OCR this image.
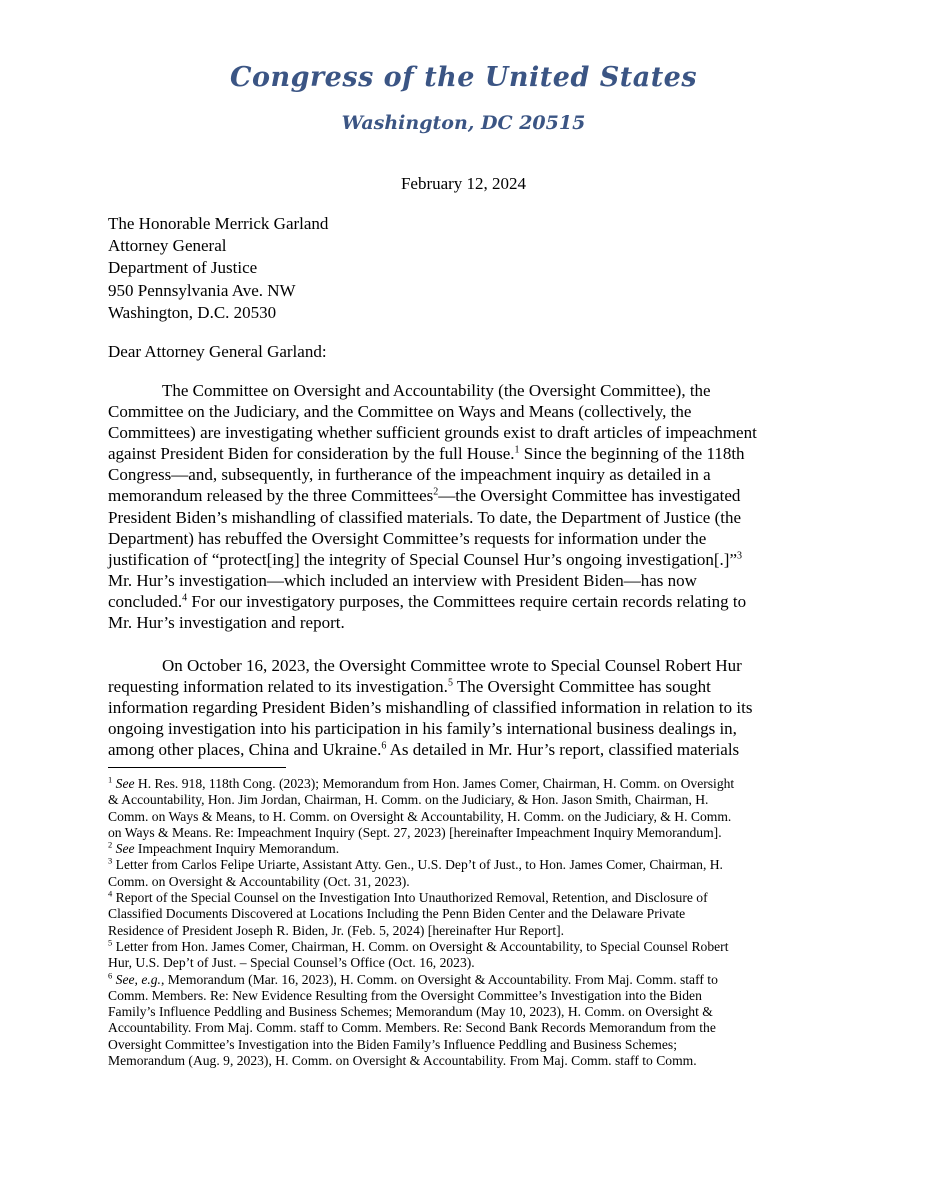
Congress of the United States
Washington, DC 20515
February 12, 2024
The Honorable Merrick Garland
Attorney General
Department of Justice
950 Pennsylvania Ave. NW
Washington, D.C. 20530
Dear Attorney General Garland:
The Committee on Oversight and Accountability (the Oversight Committee), the
Committee on the Judiciary, and the Committee on Ways and Means (collectively, the
Committees) are investigating whether sufficient grounds exist to draft articles of impeachment
against President Biden for consideration by the full House.$^1$ Since the beginning of the 118th
Congress—and, subsequently, in furtherance of the impeachment inquiry as detailed in a
memorandum released by the three Committees$^2$—the Oversight Committee has investigated
President Biden’s mishandling of classified materials. To date, the Department of Justice (the
Department) has rebuffed the Oversight Committee’s requests for information under the
justification of “protect[ing] the integrity of Special Counsel Hur’s ongoing investigation[.]”$^3$
Mr. Hur’s investigation—which included an interview with President Biden—has now
concluded.$^4$ For our investigatory purposes, the Committees require certain records relating to
Mr. Hur’s investigation and report.
On October 16, 2023, the Oversight Committee wrote to Special Counsel Robert Hur
requesting information related to its investigation.$^5$ The Oversight Committee has sought
information regarding President Biden’s mishandling of classified information in relation to its
ongoing investigation into his participation in his family’s international business dealings in,
among other places, China and Ukraine.$^6$ As detailed in Mr. Hur’s report, classified materials
$^1$ See H. Res. 918, 118th Cong. (2023); Memorandum from Hon. James Comer, Chairman, H. Comm. on Oversight
& Accountability, Hon. Jim Jordan, Chairman, H. Comm. on the Judiciary, & Hon. Jason Smith, Chairman, H.
Comm. on Ways & Means, to H. Comm. on Oversight & Accountability, H. Comm. on the Judiciary, & H. Comm.
on Ways & Means. Re: Impeachment Inquiry (Sept. 27, 2023) [hereinafter Impeachment Inquiry Memorandum].
$^2$ See Impeachment Inquiry Memorandum.
$^3$ Letter from Carlos Felipe Uriarte, Assistant Atty. Gen., U.S. Dep’t of Just., to Hon. James Comer, Chairman, H.
Comm. on Oversight & Accountability (Oct. 31, 2023).
$^4$ Report of the Special Counsel on the Investigation Into Unauthorized Removal, Retention, and Disclosure of
Classified Documents Discovered at Locations Including the Penn Biden Center and the Delaware Private
Residence of President Joseph R. Biden, Jr. (Feb. 5, 2024) [hereinafter Hur Report].
$^5$ Letter from Hon. James Comer, Chairman, H. Comm. on Oversight & Accountability, to Special Counsel Robert
Hur, U.S. Dep’t of Just. – Special Counsel’s Office (Oct. 16, 2023).
$^6$ See, e.g., Memorandum (Mar. 16, 2023), H. Comm. on Oversight & Accountability. From Maj. Comm. staff to
Comm. Members. Re: New Evidence Resulting from the Oversight Committee’s Investigation into the Biden
Family’s Influence Peddling and Business Schemes; Memorandum (May 10, 2023), H. Comm. on Oversight &
Accountability. From Maj. Comm. staff to Comm. Members. Re: Second Bank Records Memorandum from the
Oversight Committee’s Investigation into the Biden Family’s Influence Peddling and Business Schemes;
Memorandum (Aug. 9, 2023), H. Comm. on Oversight & Accountability. From Maj. Comm. staff to Comm.
